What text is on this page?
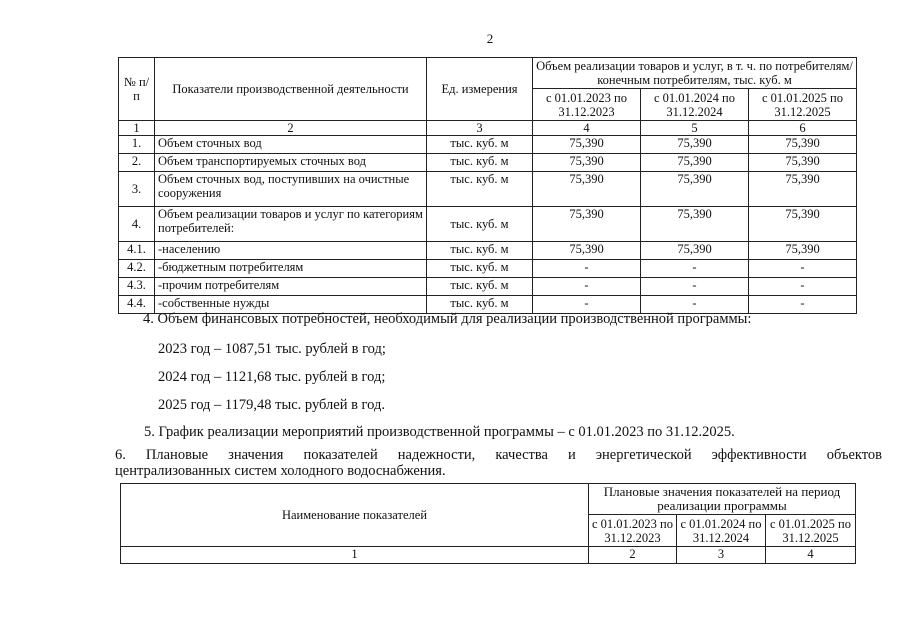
2
№ п/п	Показатели производственной деятельности	Ед. измерения	Объем реализации товаров и услуг, в т. ч. по потребителям/ конечным потребителям, тыс. куб. м		
			с 01.01.2023 по 31.12.2023	с 01.01.2024 по 31.12.2024	с 01.01.2025 по 31.12.2025
1	2	3	4	5	6
1.	Объем сточных вод	тыс. куб. м	75,390	75,390	75,390
2.	Объем транспортируемых сточных вод	тыс. куб. м	75,390	75,390	75,390
3.	Объем сточных вод, поступивших на очистные сооружения	тыс. куб. м	75,390	75,390	75,390
4.	Объем реализации товаров и услуг по категориям потребителей:	тыс. куб. м	75,390	75,390	75,390
4.1.	-населению	тыс. куб. м	75,390	75,390	75,390
4.2.	-бюджетным потребителям	тыс. куб. м	-	-	-
4.3.	-прочим потребителям	тыс. куб. м	-	-	-
4.4.	-собственные нужды	тыс. куб. м	-	-	-
4. Объем финансовых потребностей, необходимый для реализации производственной программы:
2023 год – 1087,51 тыс. рублей в год;
2024 год – 1121,68 тыс. рублей в год;
2025 год – 1179,48 тыс. рублей в год.
5. График реализации мероприятий производственной программы – с 01.01.2023 по 31.12.2025.
6. Плановые значения показателей надежности, качества и энергетической эффективности объектов
централизованных систем холодного водоснабжения.
Наименование показателей	Плановые значения показателей на период реализации программы		
	с 01.01.2023 по 31.12.2023	с 01.01.2024 по 31.12.2024	с 01.01.2025 по 31.12.2025
1	2	3	4
